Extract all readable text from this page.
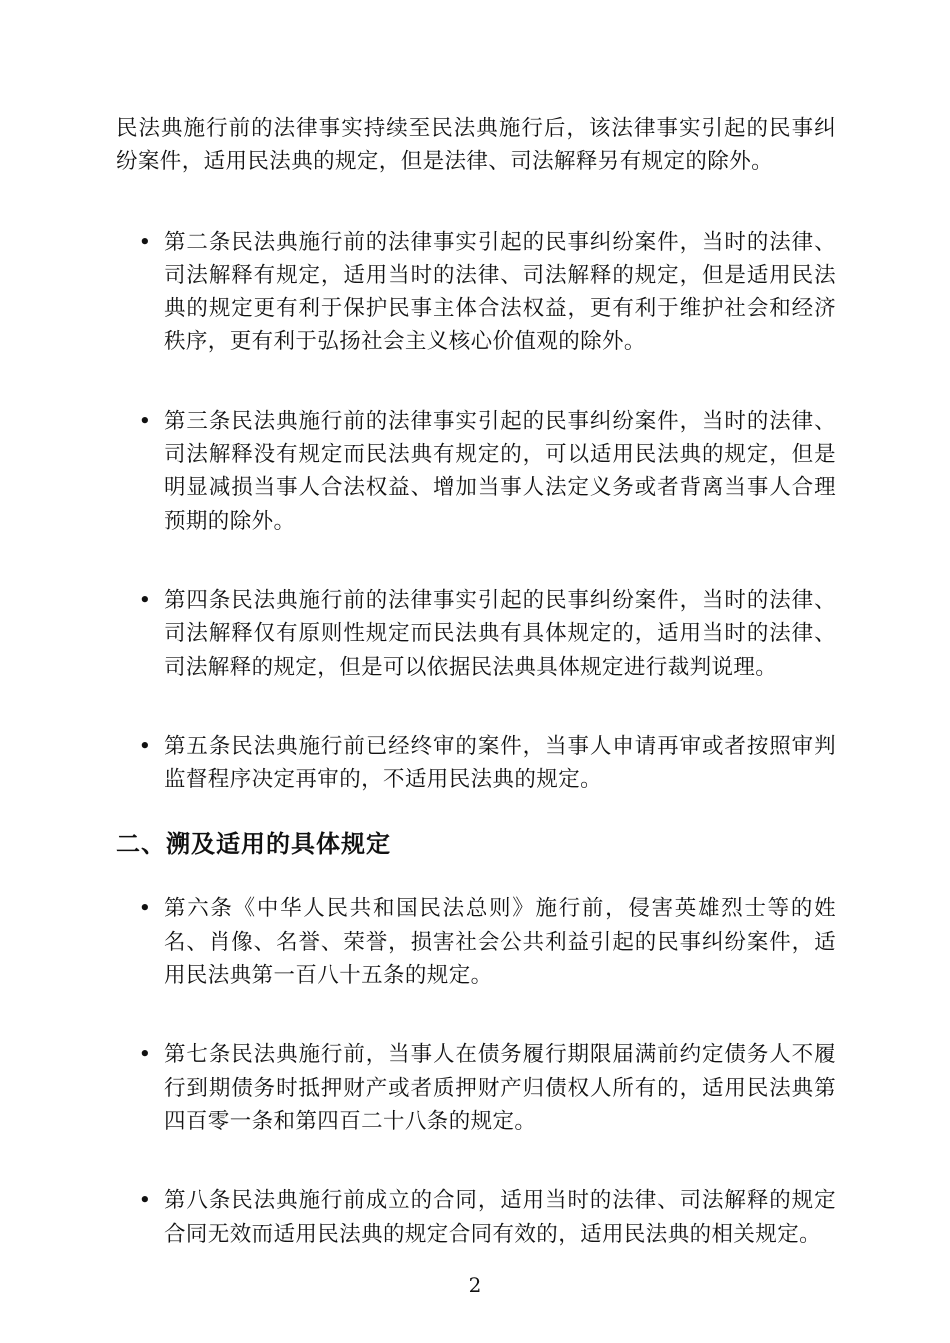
民法典施行前的法律事实持续至民法典施行后，该法律事实引起的民事纠纷案件，适用民法典的规定，但是法律、司法解释另有规定的除外。

• 第二条民法典施行前的法律事实引起的民事纠纷案件，当时的法律、司法解释有规定，适用当时的法律、司法解释的规定，但是适用民法典的规定更有利于保护民事主体合法权益，更有利于维护社会和经济秩序，更有利于弘扬社会主义核心价值观的除外。
• 第三条民法典施行前的法律事实引起的民事纠纷案件，当时的法律、司法解释没有规定而民法典有规定的，可以适用民法典的规定，但是明显减损当事人合法权益、增加当事人法定义务或者背离当事人合理预期的除外。
• 第四条民法典施行前的法律事实引起的民事纠纷案件，当时的法律、司法解释仅有原则性规定而民法典有具体规定的，适用当时的法律、司法解释的规定，但是可以依据民法典具体规定进行裁判说理。
• 第五条民法典施行前已经终审的案件，当事人申请再审或者按照审判监督程序决定再审的，不适用民法典的规定。
二、溯及适用的具体规定
• 第六条《中华人民共和国民法总则》施行前，侵害英雄烈士等的姓名、肖像、名誉、荣誉，损害社会公共利益引起的民事纠纷案件，适用民法典第一百八十五条的规定。
• 第七条民法典施行前，当事人在债务履行期限届满前约定债务人不履行到期债务时抵押财产或者质押财产归债权人所有的，适用民法典第四百零一条和第四百二十八条的规定。
• 第八条民法典施行前成立的合同，适用当时的法律、司法解释的规定合同无效而适用民法典的规定合同有效的，适用民法典的相关规定。
2
